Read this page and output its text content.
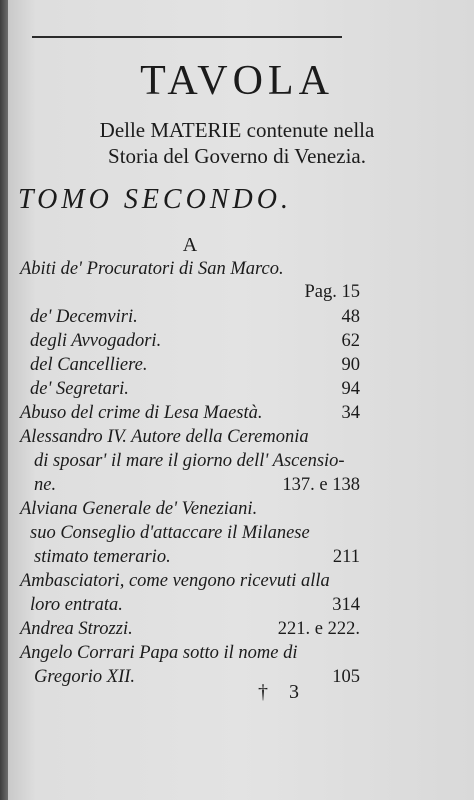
TAVOLA
Delle MATERIE contenute nella
Storia del Governo di Venezia.
TOMO SECONDO.
A
Abiti de' Procuratori di San Marco.
Pag. 15
de' Decemviri.	48
degli Avvogadori.	62
del Cancelliere.	90
de' Segretari.	94
Abuso del crime di Lesa Maestà.	34
Alessandro IV. Autore della Ceremonia
di sposar' il mare il giorno dell' Ascensio-
ne.	137. e 138
Alviana Generale de' Veneziani.
suo Conseglio d'attaccare il Milanese
stimato temerario.	211
Ambasciatori, come vengono ricevuti alla
loro entrata.	314
Andrea Strozzi.	221. e 222.
Angelo Corrari Papa sotto il nome di
Gregorio XII.	105
† 3
